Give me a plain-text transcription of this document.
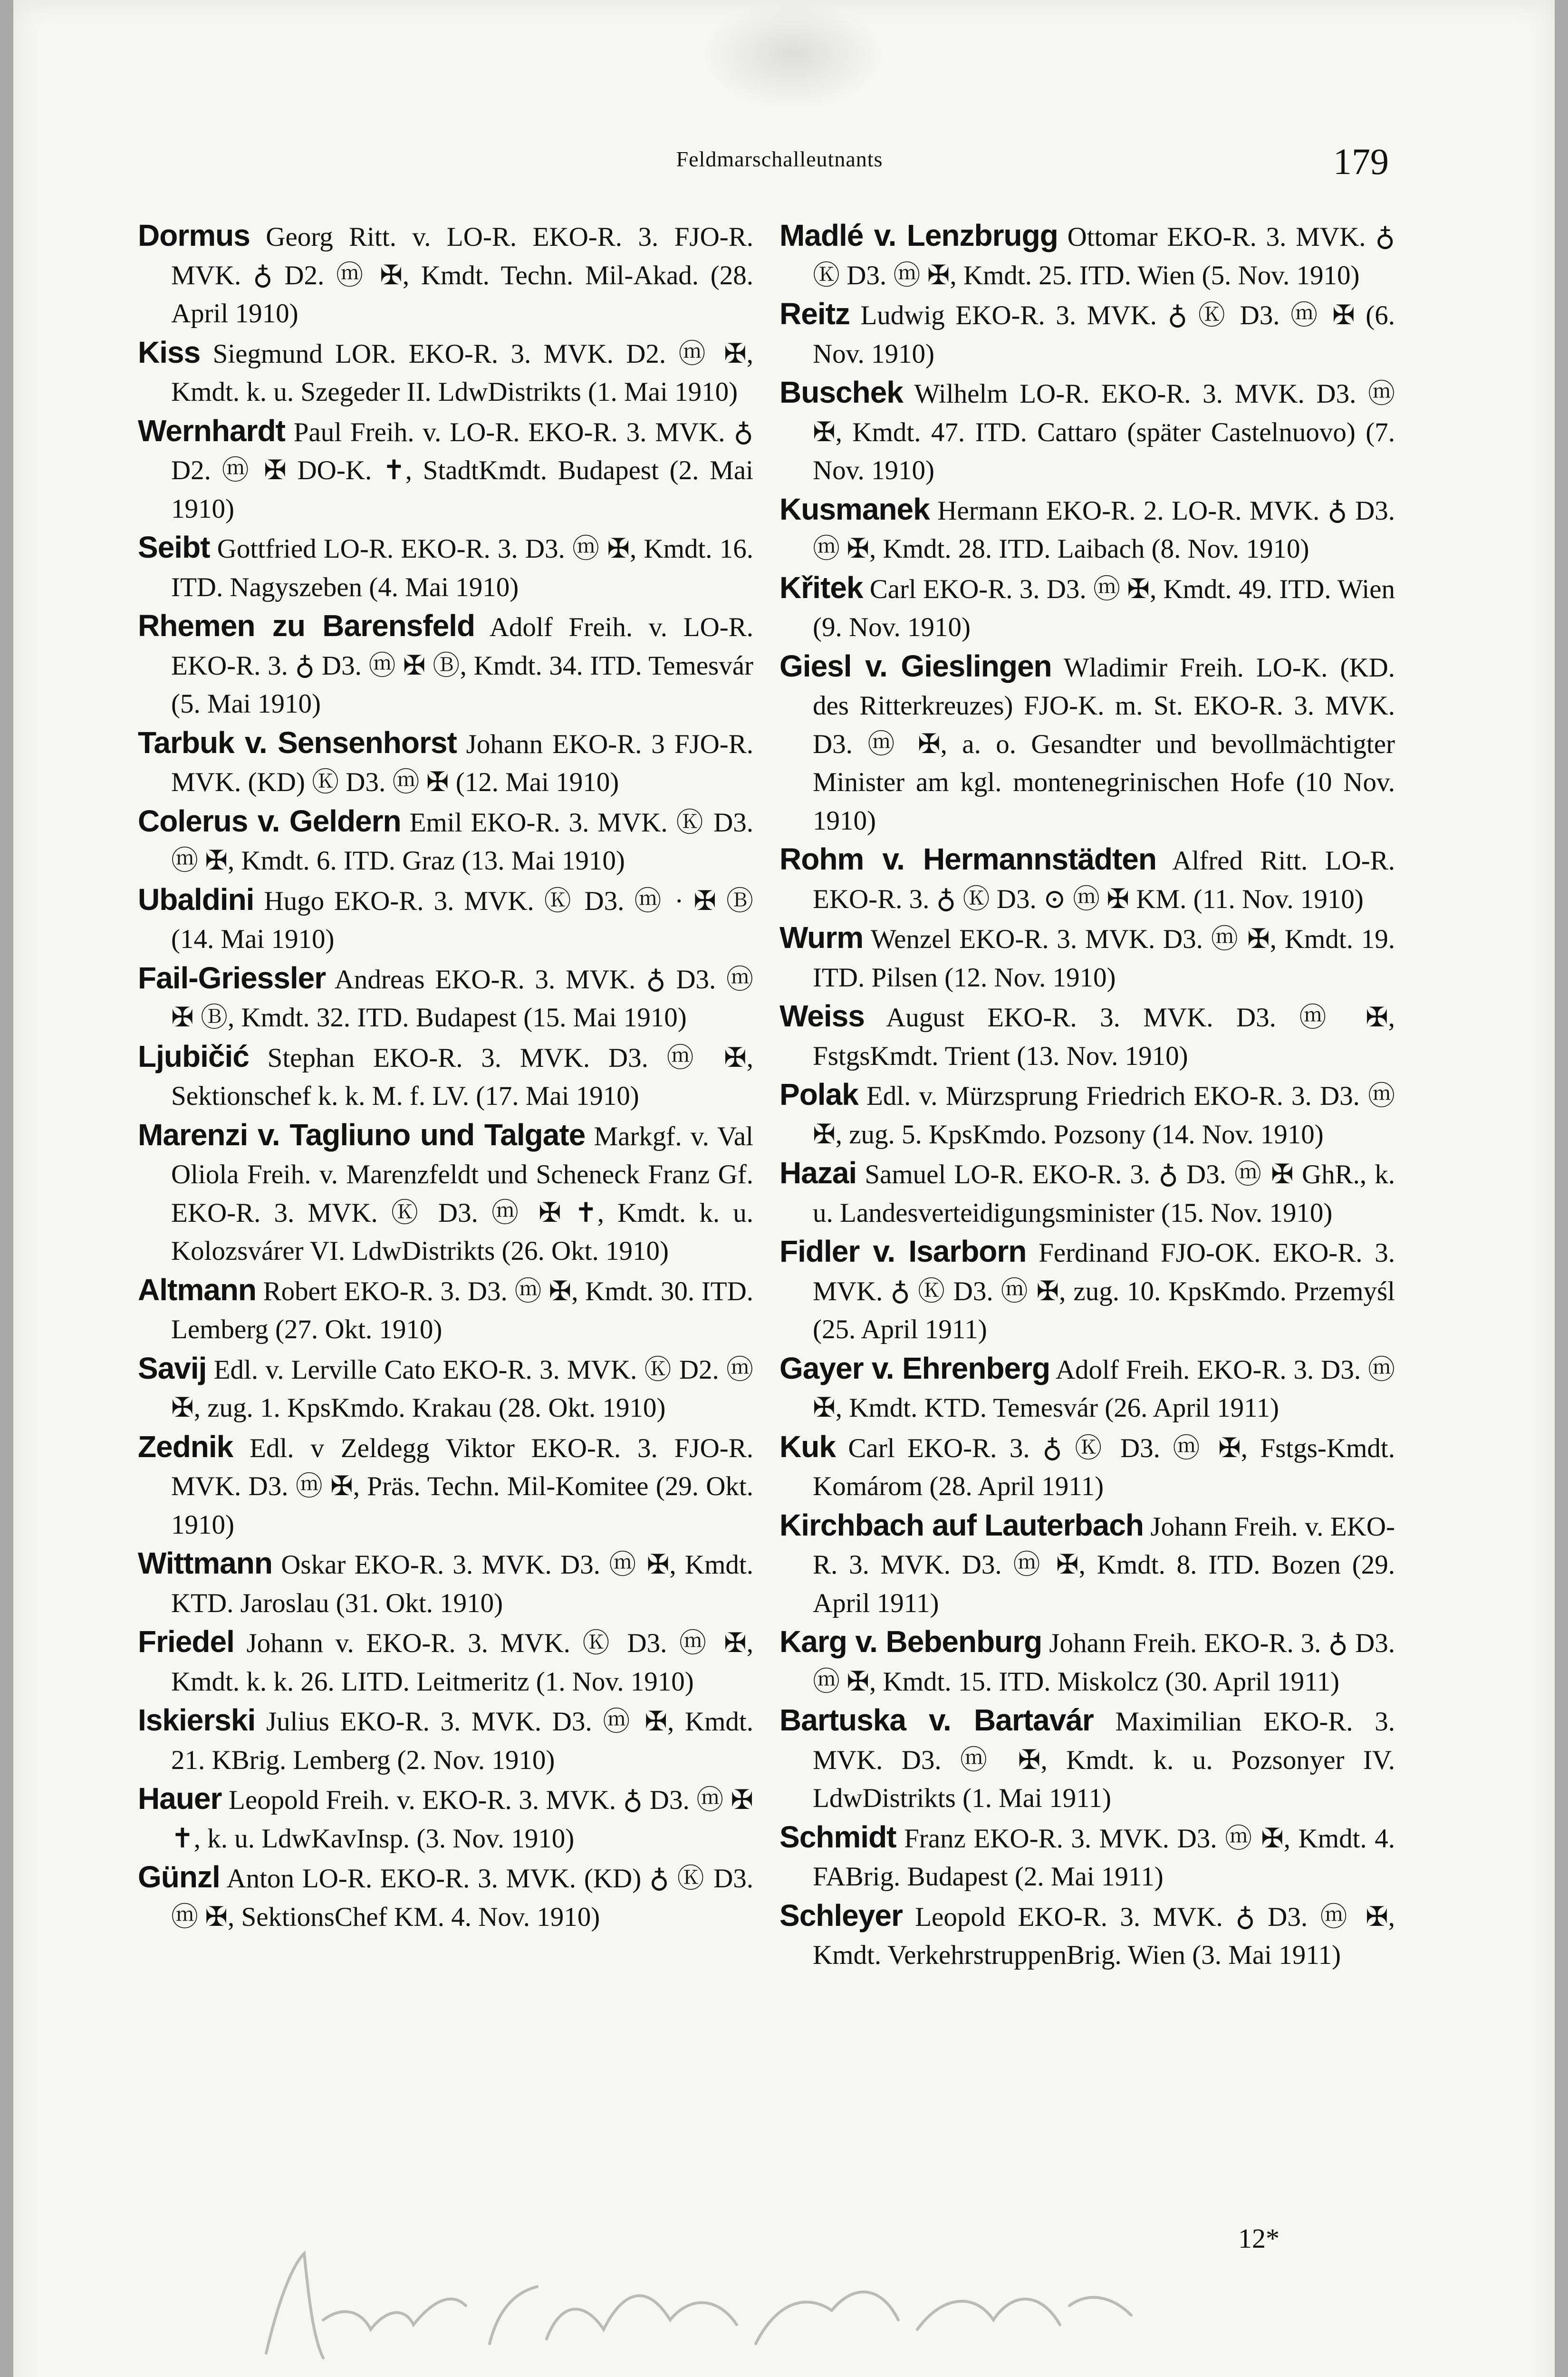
Feldmarschalleutnants	179

Dormus Georg Ritt. v. LO-R. EKO-R. 3. FJO-R. MVK. ♁ D2. ⓜ ✠, Kmdt. Techn. Mil-Akad. (28. April 1910)

Kiss Siegmund LOR. EKO-R. 3. MVK. D2. ⓜ ✠, Kmdt. k. u. Szegeder II. LdwDistrikts (1. Mai 1910)

Wernhardt Paul Freih. v. LO-R. EKO-R. 3. MVK. ♁ D2. ⓜ ✠ DO-K. ✝, StadtKmdt. Budapest (2. Mai 1910)

Seibt Gottfried LO-R. EKO-R. 3. D3. ⓜ ✠, Kmdt. 16. ITD. Nagyszeben (4. Mai 1910)

Rhemen zu Barensfeld Adolf Freih. v. LO-R. EKO-R. 3. ♁ D3. ⓜ ✠ Ⓑ, Kmdt. 34. ITD. Temesvár (5. Mai 1910)

Tarbuk v. Sensenhorst Johann EKO-R. 3 FJO-R. MVK. (KD) Ⓚ D3. ⓜ ✠ (12. Mai 1910)

Colerus v. Geldern Emil EKO-R. 3. MVK. Ⓚ D3. ⓜ ✠, Kmdt. 6. ITD. Graz (13. Mai 1910)

Ubaldini Hugo EKO-R. 3. MVK. Ⓚ D3. ⓜ · ✠ Ⓑ (14. Mai 1910)

Fail-Griessler Andreas EKO-R. 3. MVK. ♁ D3. ⓜ ✠ Ⓑ, Kmdt. 32. ITD. Budapest (15. Mai 1910)

Ljubičić Stephan EKO-R. 3. MVK. D3. ⓜ ✠, Sektionschef k. k. M. f. LV. (17. Mai 1910)

Marenzi v. Tagliuno und Talgate Markgf. v. Val Oliola Freih. v. Marenzfeldt und Scheneck Franz Gf. EKO-R. 3. MVK. Ⓚ D3. ⓜ ✠ ✝, Kmdt. k. u. Kolozsvárer VI. LdwDistrikts (26. Okt. 1910)

Altmann Robert EKO-R. 3. D3. ⓜ ✠, Kmdt. 30. ITD. Lemberg (27. Okt. 1910)

Savij Edl. v. Lerville Cato EKO-R. 3. MVK. Ⓚ D2. ⓜ ✠, zug. 1. KpsKmdo. Krakau (28. Okt. 1910)

Zednik Edl. v Zeldegg Viktor EKO-R. 3. FJO-R. MVK. D3. ⓜ ✠, Präs. Techn. Mil-Komitee (29. Okt. 1910)

Wittmann Oskar EKO-R. 3. MVK. D3. ⓜ ✠, Kmdt. KTD. Jaroslau (31. Okt. 1910)

Friedel Johann v. EKO-R. 3. MVK. Ⓚ D3. ⓜ ✠, Kmdt. k. k. 26. LITD. Leitmeritz (1. Nov. 1910)

Iskierski Julius EKO-R. 3. MVK. D3. ⓜ ✠, Kmdt. 21. KBrig. Lemberg (2. Nov. 1910)

Hauer Leopold Freih. v. EKO-R. 3. MVK. ♁ D3. ⓜ ✠ ✝, k. u. LdwKavInsp. (3. Nov. 1910)

Günzl Anton LO-R. EKO-R. 3. MVK. (KD) ♁ Ⓚ D3. ⓜ ✠, SektionsChef KM. 4. Nov. 1910)

Madlé v. Lenzbrugg Ottomar EKO-R. 3. MVK. ♁ Ⓚ D3. ⓜ ✠, Kmdt. 25. ITD. Wien (5. Nov. 1910)

Reitz Ludwig EKO-R. 3. MVK. ♁ Ⓚ D3. ⓜ ✠ (6. Nov. 1910)

Buschek Wilhelm LO-R. EKO-R. 3. MVK. D3. ⓜ ✠, Kmdt. 47. ITD. Cattaro (später Castelnuovo) (7. Nov. 1910)

Kusmanek Hermann EKO-R. 2. LO-R. MVK. ♁ D3. ⓜ ✠, Kmdt. 28. ITD. Laibach (8. Nov. 1910)

Křitek Carl EKO-R. 3. D3. ⓜ ✠, Kmdt. 49. ITD. Wien (9. Nov. 1910)

Giesl v. Gieslingen Wladimir Freih. LO-K. (KD. des Ritterkreuzes) FJO-K. m. St. EKO-R. 3. MVK. D3. ⓜ ✠, a. o. Gesandter und bevollmächtigter Minister am kgl. montenegrinischen Hofe (10 Nov. 1910)

Rohm v. Hermannstädten Alfred Ritt. LO-R. EKO-R. 3. ♁ Ⓚ D3. ⊙ ⓜ ✠ KM. (11. Nov. 1910)

Wurm Wenzel EKO-R. 3. MVK. D3. ⓜ ✠, Kmdt. 19. ITD. Pilsen (12. Nov. 1910)

Weiss August EKO-R. 3. MVK. D3. ⓜ ✠, FstgsKmdt. Trient (13. Nov. 1910)

Polak Edl. v. Mürzsprung Friedrich EKO-R. 3. D3. ⓜ ✠, zug. 5. KpsKmdo. Pozsony (14. Nov. 1910)

Hazai Samuel LO-R. EKO-R. 3. ♁ D3. ⓜ ✠ GhR., k. u. Landesverteidigungsminister (15. Nov. 1910)

Fidler v. Isarborn Ferdinand FJO-OK. EKO-R. 3. MVK. ♁ Ⓚ D3. ⓜ ✠, zug. 10. KpsKmdo. Przemyśl (25. April 1911)

Gayer v. Ehrenberg Adolf Freih. EKO-R. 3. D3. ⓜ ✠, Kmdt. KTD. Temesvár (26. April 1911)

Kuk Carl EKO-R. 3. ♁ Ⓚ D3. ⓜ ✠, Fstgs-Kmdt. Komárom (28. April 1911)

Kirchbach auf Lauterbach Johann Freih. v. EKO-R. 3. MVK. D3. ⓜ ✠, Kmdt. 8. ITD. Bozen (29. April 1911)

Karg v. Bebenburg Johann Freih. EKO-R. 3. ♁ D3. ⓜ ✠, Kmdt. 15. ITD. Miskolcz (30. April 1911)

Bartuska v. Bartavár Maximilian EKO-R. 3. MVK. D3. ⓜ ✠, Kmdt. k. u. Pozsonyer IV. LdwDistrikts (1. Mai 1911)

Schmidt Franz EKO-R. 3. MVK. D3. ⓜ ✠, Kmdt. 4. FABrig. Budapest (2. Mai 1911)

Schleyer Leopold EKO-R. 3. MVK. ♁ D3. ⓜ ✠, Kmdt. VerkehrstruppenBrig. Wien (3. Mai 1911)

12*
